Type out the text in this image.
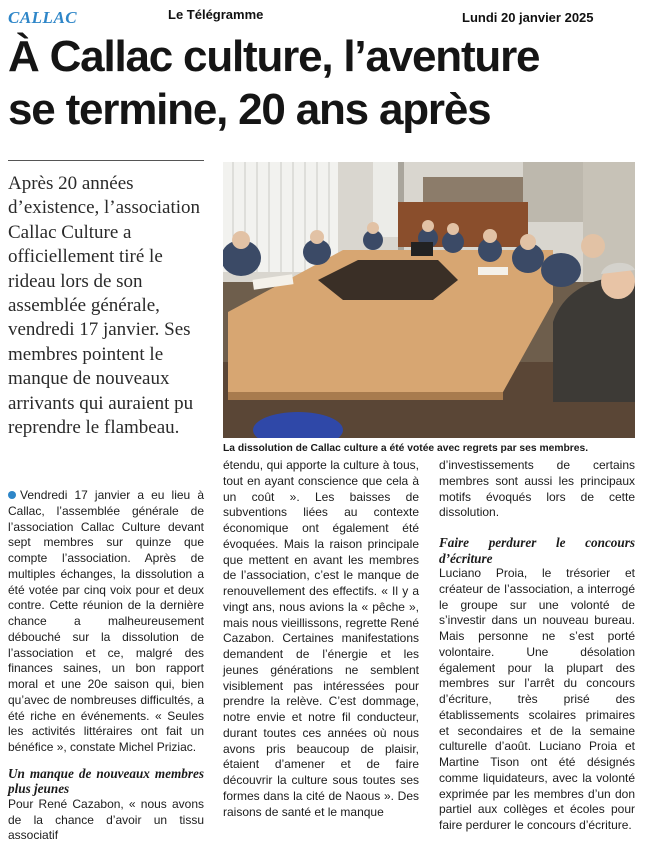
CALLAC	Le Télégramme	Lundi 20 janvier 2025
À Callac culture, l’aventure
se termine, 20 ans après
Après 20 années d’existence, l’association Callac Culture a officiellement tiré le rideau lors de son assemblée générale, vendredi 17 janvier. Ses membres pointent le manque de nouveaux arrivants qui auraient pu reprendre le flambeau.
La dissolution de Callac culture a été votée avec regrets par ses membres.

Vendredi 17 janvier a eu lieu à Callac, l’assemblée générale de l’association Callac Culture devant sept membres sur quinze que compte l’association. Après de multiples échanges, la dissolution a été votée par cinq voix pour et deux contre. Cette réunion de la dernière chance a malheureusement débouché sur la dissolution de l’association et ce, malgré des finances saines, un bon rapport moral et une 20e saison qui, bien qu’avec de nombreuses difficultés, a été riche en événements. « Seules les activités littéraires ont fait un bénéfice », constate Michel Priziac.

Un manque de nouveaux membres plus jeunes

Pour René Cazabon, « nous avons de la chance d’avoir un tissu associatif

étendu, qui apporte la culture à tous, tout en ayant conscience que cela à un coût ». Les baisses de subventions liées au contexte économique ont également été évoquées. Mais la raison principale que mettent en avant les membres de l’association, c’est le manque de renouvellement des effectifs. « Il y a vingt ans, nous avions la « pêche », mais nous vieillissons, regrette René Cazabon. Certaines manifestations demandent de l’énergie et les jeunes générations ne semblent visiblement pas intéressées pour prendre la relève. C’est dommage, notre envie et notre fil conducteur, durant toutes ces années où nous avons pris beaucoup de plaisir, étaient d’amener et de faire découvrir la culture sous toutes ses formes dans la cité de Naous ». Des raisons de santé et le manque

d’investissements de certains membres sont aussi les principaux motifs évoqués lors de cette dissolution.

Faire perdurer le concours d’écriture

Luciano Proia, le trésorier et créateur de l’association, a interrogé le groupe sur une volonté de s’investir dans un nouveau bureau. Mais personne ne s’est porté volontaire. Une désolation également pour la plupart des membres sur l’arrêt du concours d’écriture, très prisé des établissements scolaires primaires et secondaires et de la semaine culturelle d’août. Luciano Proia et Martine Tison ont été désignés comme liquidateurs, avec la volonté exprimée par les membres d’un don partiel aux collèges et écoles pour faire perdurer le concours d’écriture.
